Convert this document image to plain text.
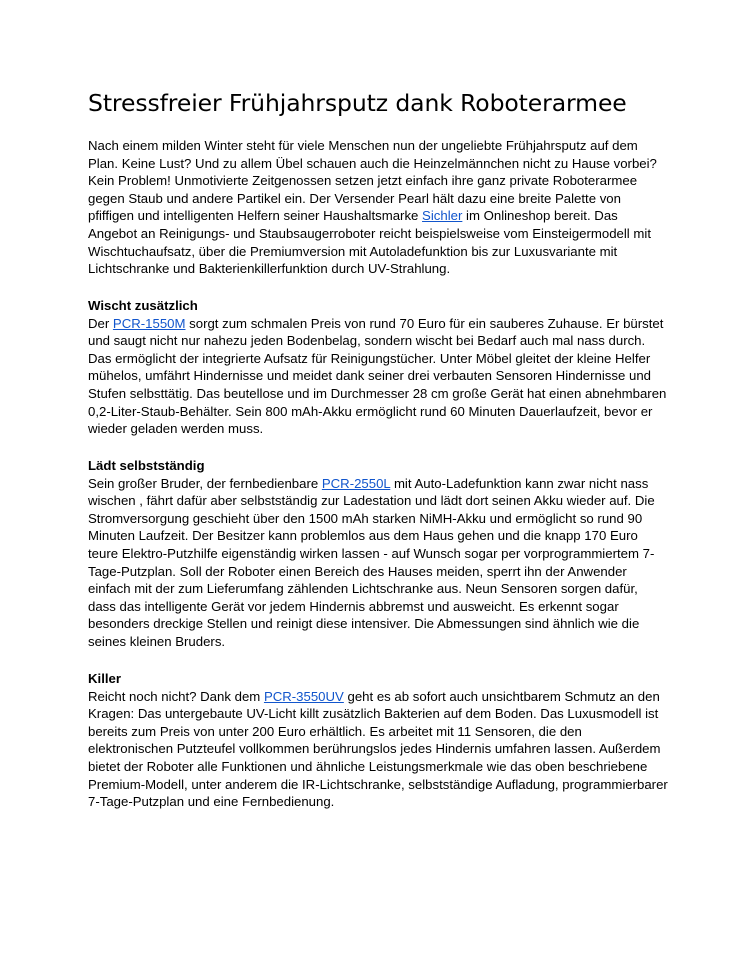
Stressfreier Frühjahrsputz dank Roboterarmee

Nach einem milden Winter steht für viele Menschen nun der ungeliebte Frühjahrsputz auf dem Plan. Keine Lust? Und zu allem Übel schauen auch die Heinzelmännchen nicht zu Hause vorbei? Kein Problem! Unmotivierte Zeitgenossen setzen jetzt einfach ihre ganz private Roboterarmee gegen Staub und andere Partikel ein. Der Versender Pearl hält dazu eine breite Palette von pfiffigen und intelligenten Helfern seiner Haushaltsmarke Sichler im Onlineshop bereit. Das Angebot an Reinigungs- und Staubsaugerroboter reicht beispielsweise vom Einsteigermodell mit Wischtuchaufsatz, über die Premiumversion mit Autoladefunktion bis zur Luxusvariante mit Lichtschranke und Bakterienkillerfunktion durch UV-Strahlung.

Wischt zusätzlich

Der PCR-1550M sorgt zum schmalen Preis von rund 70 Euro für ein sauberes Zuhause. Er bürstet und saugt nicht nur nahezu jeden Bodenbelag, sondern wischt bei Bedarf auch mal nass durch. Das ermöglicht der integrierte Aufsatz für Reinigungstücher. Unter Möbel gleitet der kleine Helfer mühelos, umfährt Hindernisse und meidet dank seiner drei verbauten Sensoren Hindernisse und Stufen selbsttätig. Das beutellose und im Durchmesser 28 cm große Gerät hat einen abnehmbaren 0,2-Liter-Staub-Behälter. Sein 800 mAh-Akku ermöglicht rund 60 Minuten Dauerlaufzeit, bevor er wieder geladen werden muss.

Lädt selbstständig

Sein großer Bruder, der fernbedienbare PCR-2550L mit Auto-Ladefunktion kann zwar nicht nass wischen , fährt dafür aber selbstständig zur Ladestation und lädt dort seinen Akku wieder auf. Die Stromversorgung geschieht über den 1500 mAh starken NiMH-Akku und ermöglicht so rund 90 Minuten Laufzeit. Der Besitzer kann problemlos aus dem Haus gehen und die knapp 170 Euro teure Elektro-Putzhilfe eigenständig wirken lassen - auf Wunsch sogar per vorprogrammiertem 7-Tage-Putzplan. Soll der Roboter einen Bereich des Hauses meiden, sperrt ihn der Anwender einfach mit der zum Lieferumfang zählenden Lichtschranke aus. Neun Sensoren sorgen dafür, dass das intelligente Gerät vor jedem Hindernis abbremst und ausweicht. Es erkennt sogar besonders dreckige Stellen und reinigt diese intensiver. Die Abmessungen sind ähnlich wie die seines kleinen Bruders.

Killer

Reicht noch nicht? Dank dem PCR-3550UV geht es ab sofort auch unsichtbarem Schmutz an den Kragen: Das untergebaute UV-Licht killt zusätzlich Bakterien auf dem Boden. Das Luxusmodell ist bereits zum Preis von unter 200 Euro erhältlich. Es arbeitet mit 11 Sensoren, die den elektronischen Putzteufel vollkommen berührungslos jedes Hindernis umfahren lassen. Außerdem bietet der Roboter alle Funktionen und ähnliche Leistungsmerkmale wie das oben beschriebene Premium-Modell, unter anderem die IR-Lichtschranke, selbstständige Aufladung, programmierbarer 7-Tage-Putzplan und eine Fernbedienung.
